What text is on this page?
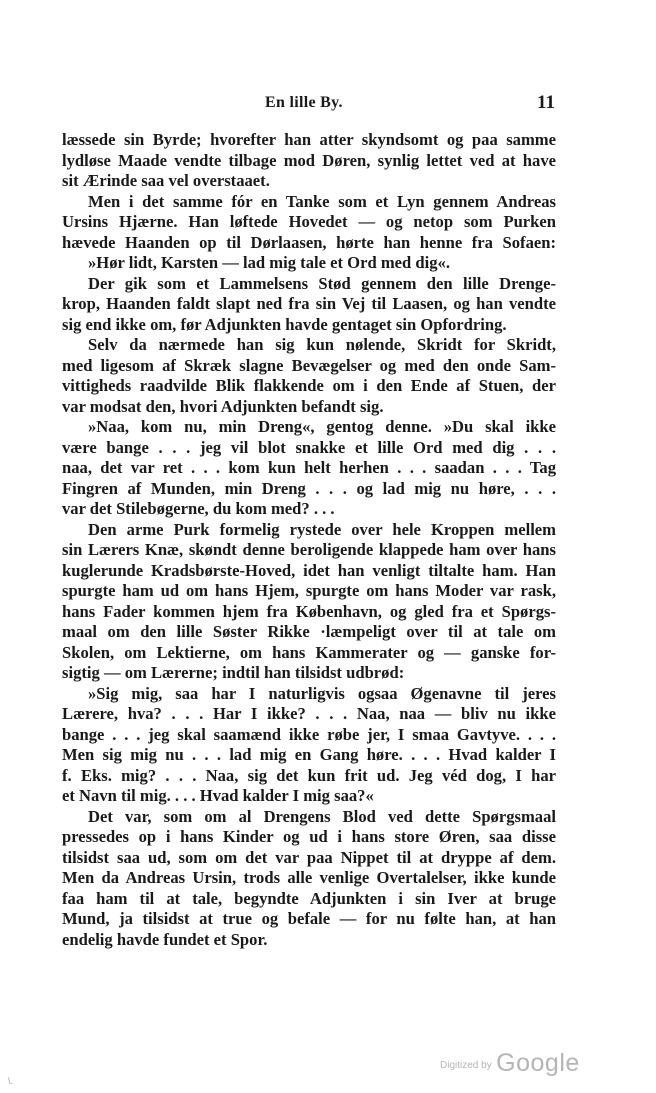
En lille By.	11
læssede sin Byrde; hvorefter han atter skyndsomt og paa samme
lydløse Maade vendte tilbage mod Døren, synlig lettet ved at have
sit Ærinde saa vel overstaaet.
Men i det samme fór en Tanke som et Lyn gennem Andreas
Ursins Hjærne. Han løftede Hovedet — og netop som Purken
hævede Haanden op til Dørlaasen, hørte han henne fra Sofaen:
»Hør lidt, Karsten — lad mig tale et Ord med dig«.
Der gik som et Lammelsens Stød gennem den lille Drenge-
krop, Haanden faldt slapt ned fra sin Vej til Laasen, og han vendte
sig end ikke om, før Adjunkten havde gentaget sin Opfordring.
Selv da nærmede han sig kun nølende, Skridt for Skridt,
med ligesom af Skræk slagne Bevægelser og med den onde Sam-
vittigheds raadvilde Blik flakkende om i den Ende af Stuen, der
var modsat den, hvori Adjunkten befandt sig.
»Naa, kom nu, min Dreng«, gentog denne. »Du skal ikke
være bange . . . jeg vil blot snakke et lille Ord med dig . . .
naa, det var ret . . . kom kun helt herhen . . . saadan . . . Tag
Fingren af Munden, min Dreng . . . og lad mig nu høre, . . .
var det Stilebøgerne, du kom med? . . .
Den arme Purk formelig rystede over hele Kroppen mellem
sin Lærers Knæ, skøndt denne beroligende klappede ham over hans
kuglerunde Kradsbørste-Hoved, idet han venligt tiltalte ham. Han
spurgte ham ud om hans Hjem, spurgte om hans Moder var rask,
hans Fader kommen hjem fra København, og gled fra et Spørgs-
maal om den lille Søster Rikke ·læmpeligt over til at tale om
Skolen, om Lektierne, om hans Kammerater og — ganske for-
sigtig — om Lærerne; indtil han tilsidst udbrød:
»Sig mig, saa har I naturligvis ogsaa Øgenavne til jeres
Lærere, hva? . . . Har I ikke? . . . Naa, naa — bliv nu ikke
bange . . . jeg skal saamænd ikke røbe jer, I smaa Gavtyve. . . .
Men sig mig nu . . . lad mig en Gang høre. . . . Hvad kalder I
f. Eks. mig? . . . Naa, sig det kun frit ud. Jeg véd dog, I har
et Navn til mig. . . . Hvad kalder I mig saa?«
Det var, som om al Drengens Blod ved dette Spørgsmaal
pressedes op i hans Kinder og ud i hans store Øren, saa disse
tilsidst saa ud, som om det var paa Nippet til at dryppe af dem.
Men da Andreas Ursin, trods alle venlige Overtalelser, ikke kunde
faa ham til at tale, begyndte Adjunkten i sin Iver at bruge
Mund, ja tilsidst at true og befale — for nu følte han, at han
endelig havde fundet et Spor.
Digitized by Google
\.
